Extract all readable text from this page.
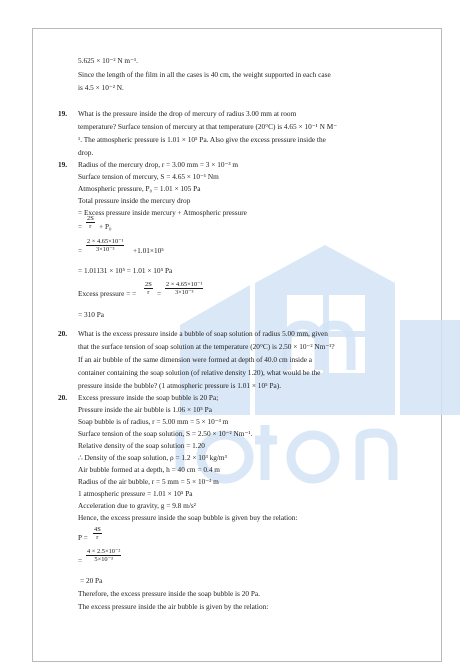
5.625 × 10⁻² N m⁻¹.
Since the length of the film in all the cases is 40 cm, the weight supported in each case
is 4.5 × 10⁻² N.
19. What is the pressure inside the drop of mercury of radius 3.00 mm at room
temperature? Surface tension of mercury at that temperature (20°C) is 4.65 × 10⁻¹ N M⁻
¹. The atmospheric pressure is 1.01 × 10⁵ Pa. Also give the excess pressure inside the
drop.
19. Radius of the mercury drop, r = 3.00 mm = 3 × 10⁻³ m
Surface tension of mercury, S = 4.65 × 10⁻¹ Nm
Atmospheric pressure, P₀ = 1.01 × 105 Pa
Total pressure inside the mercury drop
= Excess pressure inside mercury + Atmospheric pressure
=
2S
r + P₀
=
2 × 4.65×10⁻¹
3×10⁻³	+1.01×10⁵
= 1.01131 × 10⁵ = 1.01 × 10⁵ Pa
Excess pressure = =
2S
r =
2 × 4.65×10⁻¹
3×10⁻³
= 310 Pa
20. What is the excess pressure inside a bubble of soap solution of radius 5.00 mm, given
that the surface tension of soap solution at the temperature (20°C) is 2.50 × 10⁻² Nm⁻¹?
If an air bubble of the same dimension were formed at depth of 40.0 cm inside a
container containing the soap solution (of relative density 1.20), what would be the
pressure inside the bubble? (1 atmospheric pressure is 1.01 × 10⁵ Pa).
20. Excess pressure inside the soap bubble is 20 Pa;
Pressure inside the air bubble is 1.06 × 10⁵ Pa
Soap bubble is of radius, r = 5.00 mm = 5 × 10⁻³ m
Surface tension of the soap solution, S = 2.50 × 10⁻² Nm⁻¹.
Relative density of the soap solution = 1.20
∴ Density of the soap solution, ρ = 1.2 × 10³ kg/m³
Air bubble formed at a depth, h = 40 cm = 0.4 m
Radius of the air bubble, r = 5 mm = 5 × 10⁻³ m
1 atmospheric pressure = 1.01 × 10⁵ Pa
Acceleration due to gravity, g = 9.8 m/s²
Hence, the excess pressure inside the soap bubble is given buy the relation:
P =
4S
r
=
4 × 2.5×10⁻²
5×10⁻³
= 20 Pa
Therefore, the excess pressure inside the soap bubble is 20 Pa.
The excess pressure inside the air bubble is given by the relation:
